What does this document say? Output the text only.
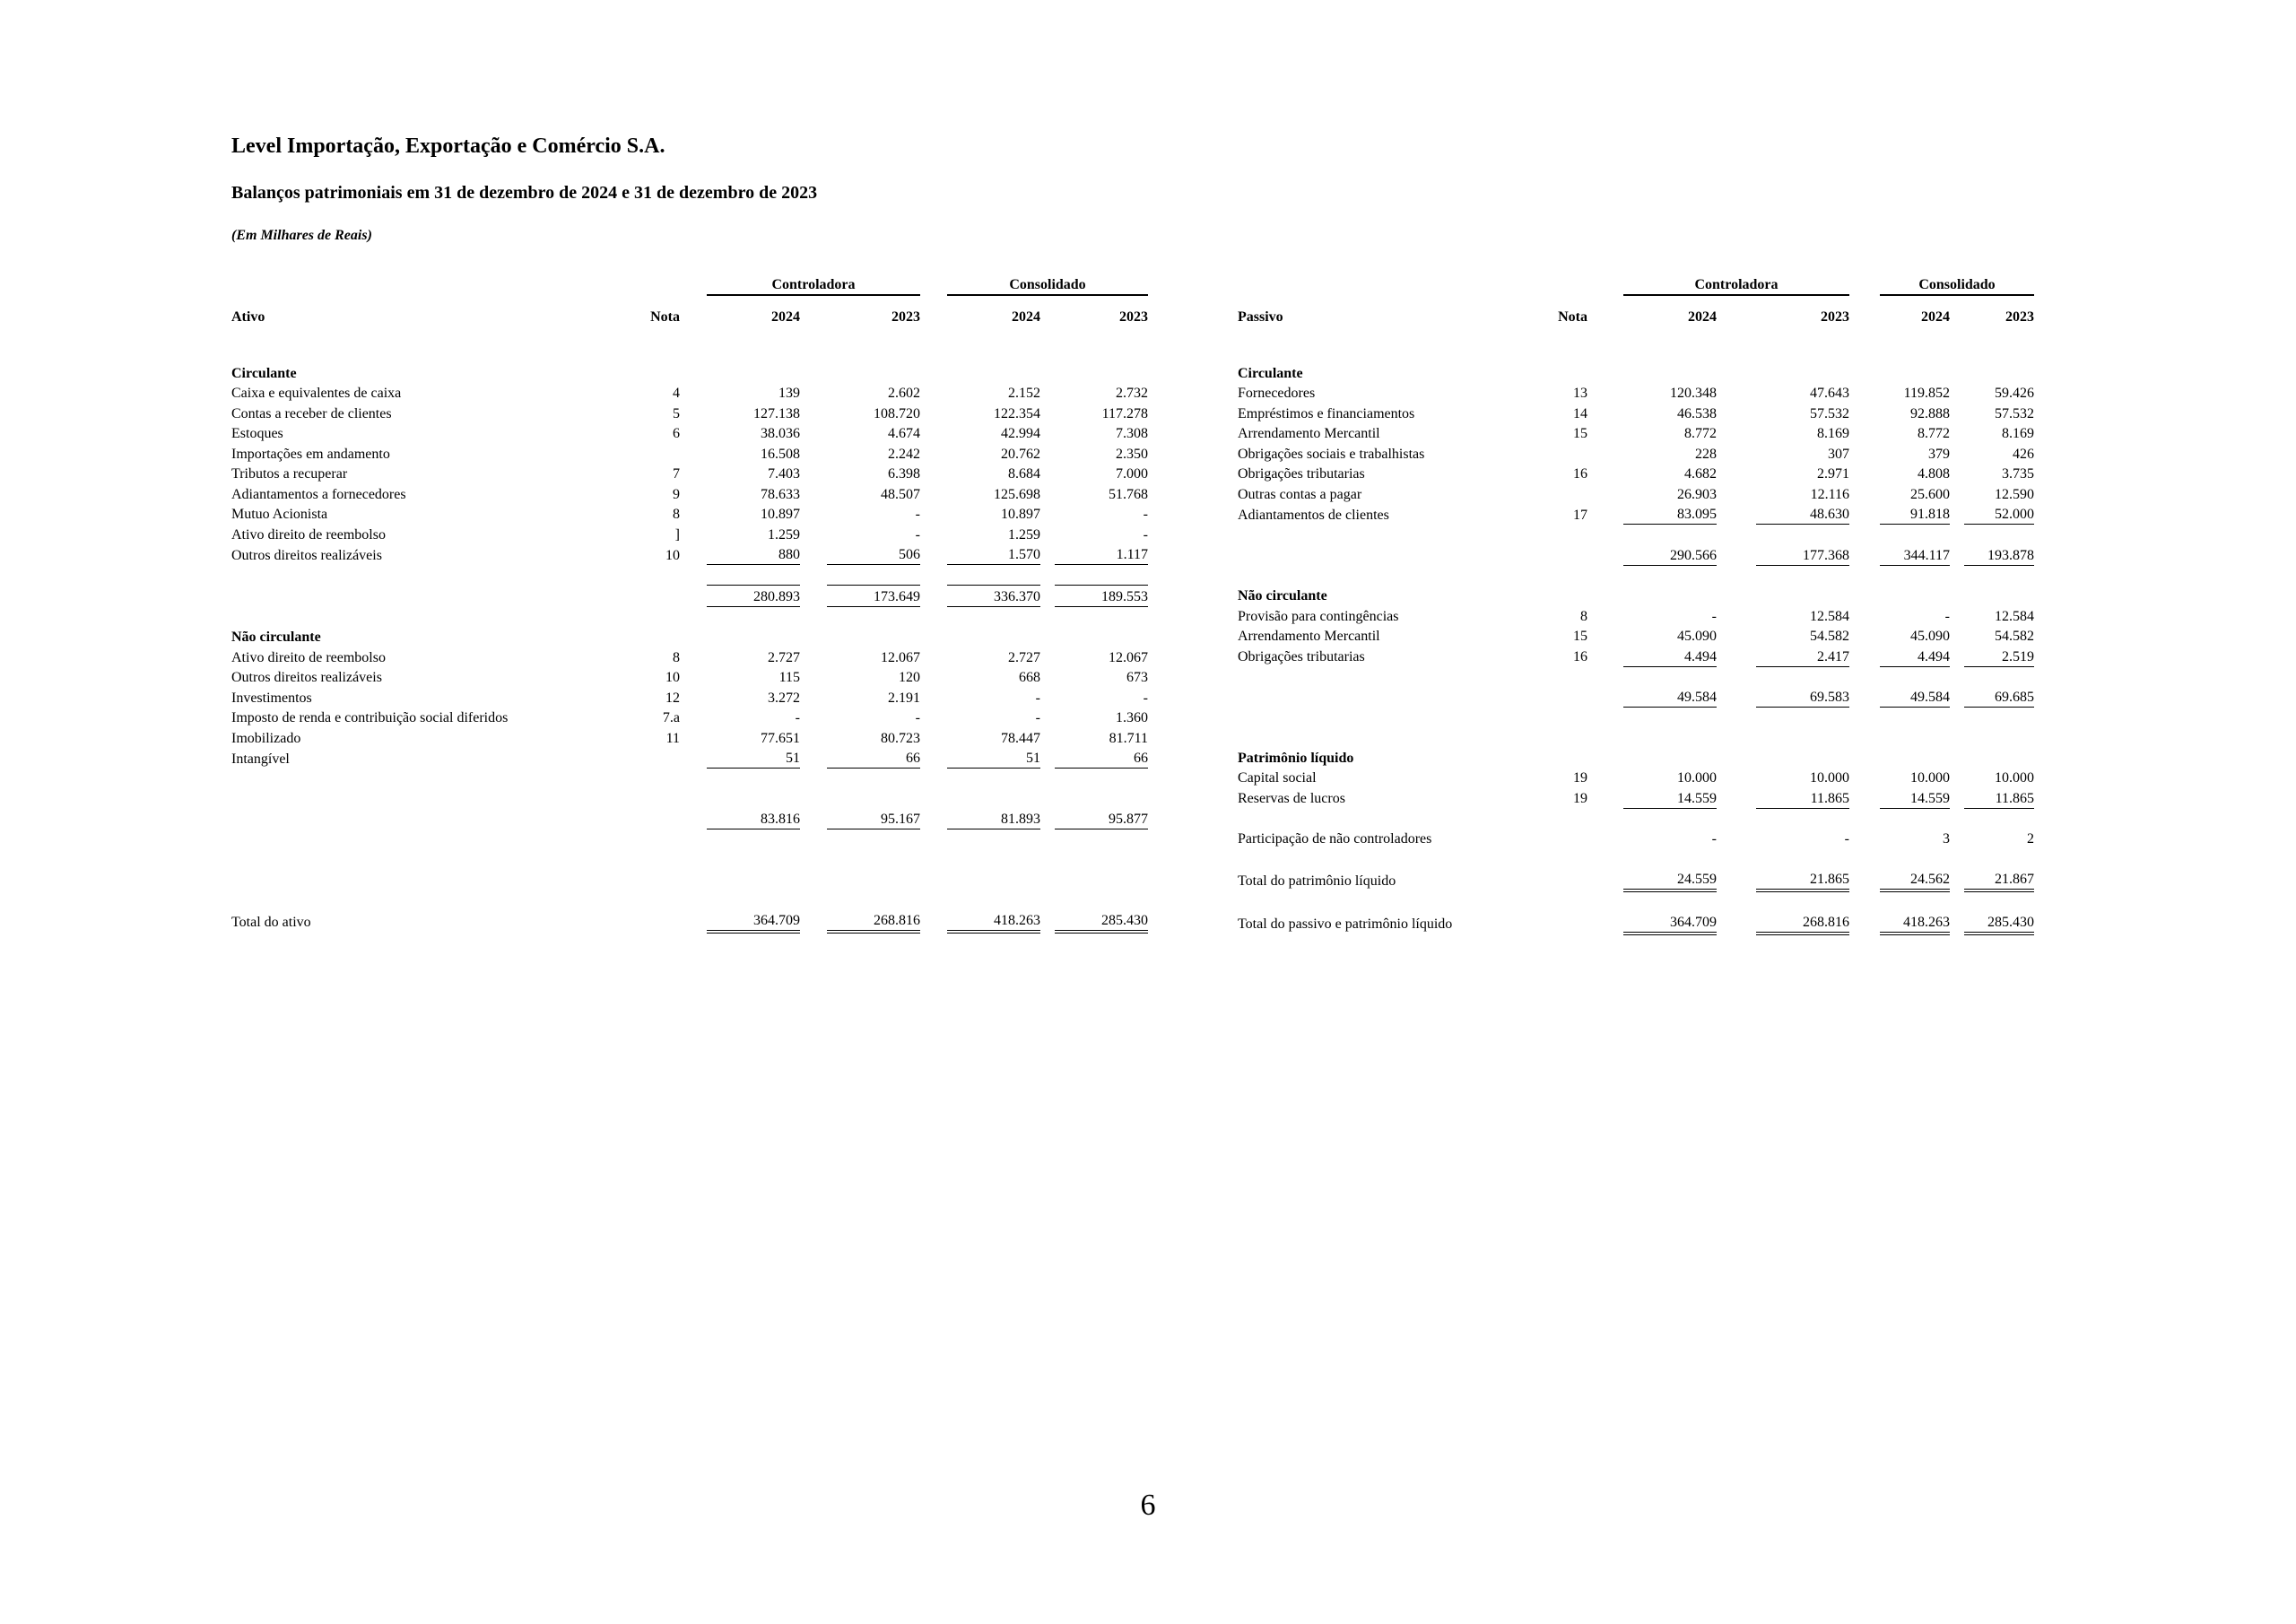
Level Importação, Exportação e Comércio S.A.
Balanços patrimoniais em 31 de dezembro de 2024 e 31 de dezembro de 2023
(Em Milhares de Reais)
			Controladora				Consolidado		
Ativo	Nota		2024		2023		2024		2023

Circulante									
Caixa e equivalentes de caixa	4		139		2.602		2.152		2.732
Contas a receber de clientes	5		127.138		108.720		122.354		117.278
Estoques	6		38.036		4.674		42.994		7.308
Importações em andamento			16.508		2.242		20.762		2.350
Tributos a recuperar	7		7.403		6.398		8.684		7.000
Adiantamentos a fornecedores	9		78.633		48.507		125.698		51.768
Mutuo Acionista	8		10.897		-		10.897		-
Ativo direito de reembolso	]		1.259		-		1.259		-
Outros direitos realizáveis	10		880		506		1.570		1.117

			280.893		173.649		336.370		189.553

Não circulante									
Ativo direito de reembolso	8		2.727		12.067		2.727		12.067
Outros direitos realizáveis	10		115		120		668		673
Investimentos	12		3.272		2.191		-		-
Imposto de renda e contribuição social diferidos	7.a		-		-		-		1.360
Imobilizado	11		77.651		80.723		78.447		81.711
Intangível			51		66		51		66

			83.816		95.167		81.893		95.877

Total do ativo			364.709		268.816		418.263		285.430
			Controladora				Consolidado		
Passivo	Nota		2024		2023		2024		2023

Circulante									
Fornecedores	13		120.348		47.643		119.852		59.426
Empréstimos e financiamentos	14		46.538		57.532		92.888		57.532
Arrendamento Mercantil	15		8.772		8.169		8.772		8.169
Obrigações sociais e trabalhistas			228		307		379		426
Obrigações tributarias	16		4.682		2.971		4.808		3.735
Outras contas a pagar			26.903		12.116		25.600		12.590
Adiantamentos de clientes	17		83.095		48.630		91.818		52.000

			290.566		177.368		344.117		193.878

Não circulante									
Provisão para contingências	8		-		12.584		-		12.584
Arrendamento Mercantil	15		45.090		54.582		45.090		54.582
Obrigações tributarias	16		4.494		2.417		4.494		2.519

			49.584		69.583		49.584		69.685

Patrimônio líquido									
Capital social	19		10.000		10.000		10.000		10.000
Reservas de lucros	19		14.559		11.865		14.559		11.865

Participação de não controladores			-		-		3		2

Total do patrimônio líquido			24.559		21.865		24.562		21.867

Total do passivo e patrimônio líquido			364.709		268.816		418.263		285.430
6
